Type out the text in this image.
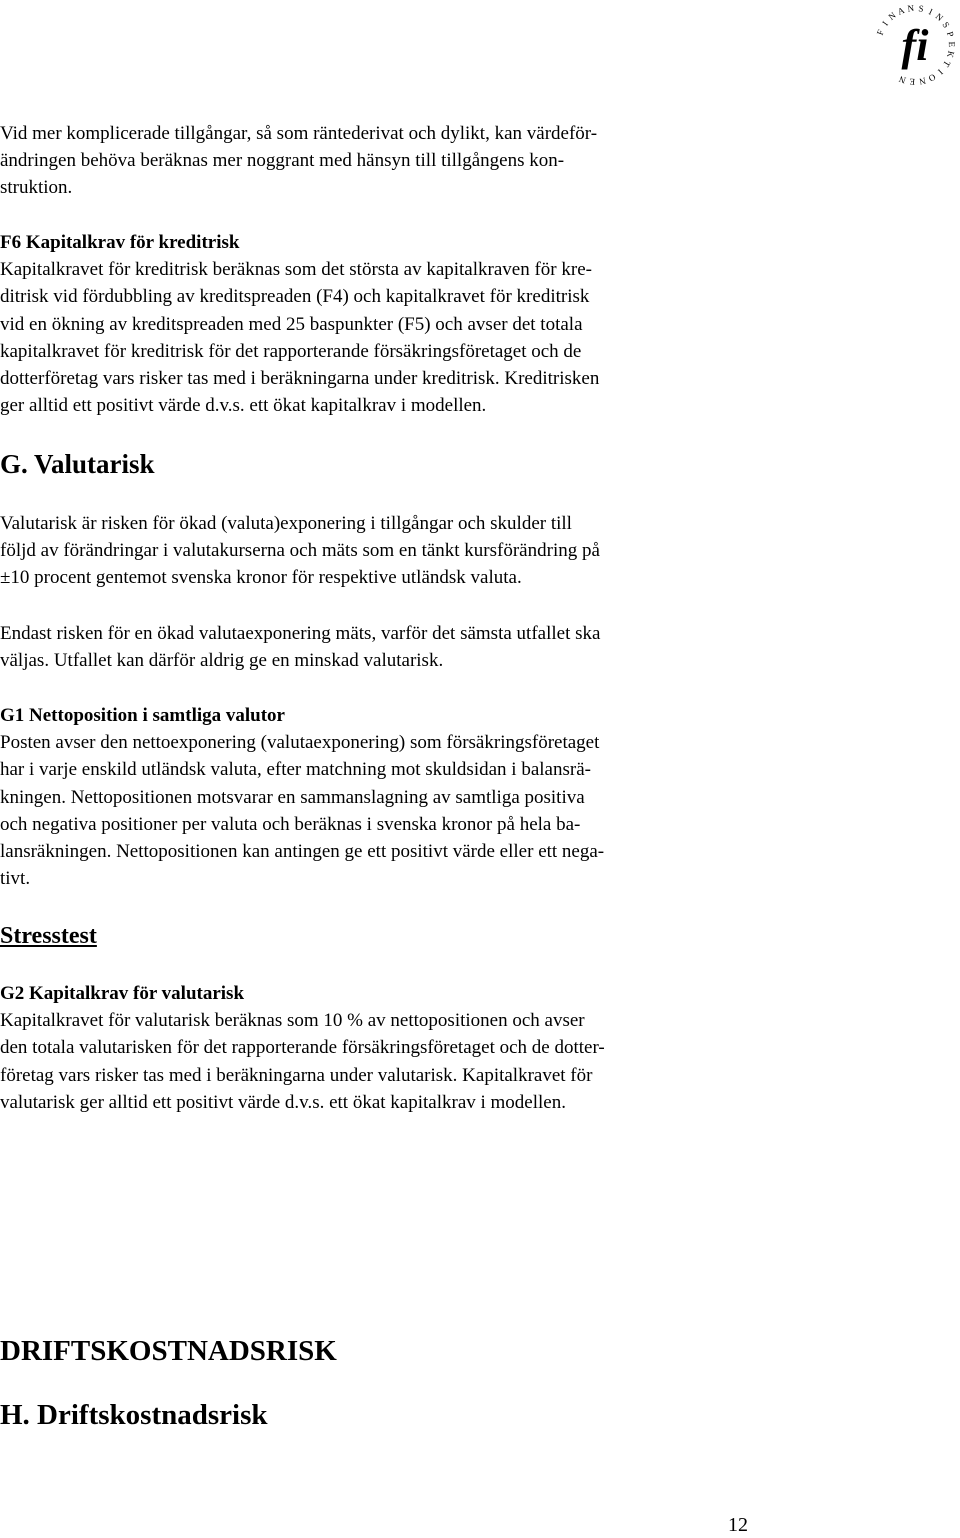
F
I
N
A N S I N
S
P
E
K
T
I
O
N
E
N
fi

Vid mer komplicerade tillgångar, så som räntederivat och dylikt, kan värdeför-
ändringen behöva beräknas mer noggrant med hänsyn till tillgångens kon-
struktion.

F6 Kapitalkrav för kreditrisk
Kapitalkravet för kreditrisk beräknas som det största av kapitalkraven för kre-
ditrisk vid fördubbling av kreditspreaden (F4) och kapitalkravet för kreditrisk
vid en ökning av kreditspreaden med 25 baspunkter (F5) och avser det totala
kapitalkravet för kreditrisk för det rapporterande försäkringsföretaget och de
dotterföretag vars risker tas med i beräkningarna under kreditrisk. Kreditrisken
ger alltid ett positivt värde d.v.s. ett ökat kapitalkrav i modellen.

G. Valutarisk

Valutarisk är risken för ökad (valuta)exponering i tillgångar och skulder till
följd av förändringar i valutakurserna och mäts som en tänkt kursförändring på
±10 procent gentemot svenska kronor för respektive utländsk valuta.

Endast risken för en ökad valutaexponering mäts, varför det sämsta utfallet ska
väljas. Utfallet kan därför aldrig ge en minskad valutarisk.

G1 Nettoposition i samtliga valutor
Posten avser den nettoexponering (valutaexponering) som försäkringsföretaget
har i varje enskild utländsk valuta, efter matchning mot skuldsidan i balansrä-
kningen. Nettopositionen motsvarar en sammanslagning av samtliga positiva
och negativa positioner per valuta och beräknas i svenska kronor på hela ba-
lansräkningen. Nettopositionen kan antingen ge ett positivt värde eller ett nega-
tivt.

Stresstest

G2 Kapitalkrav för valutarisk
Kapitalkravet för valutarisk beräknas som 10 % av nettopositionen och avser
den totala valutarisken för det rapporterande försäkringsföretaget och de dotter-
företag vars risker tas med i beräkningarna under valutarisk. Kapitalkravet för
valutarisk ger alltid ett positivt värde d.v.s. ett ökat kapitalkrav i modellen.

DRIFTSKOSTNADSRISK
H. Driftskostnadsrisk
12
